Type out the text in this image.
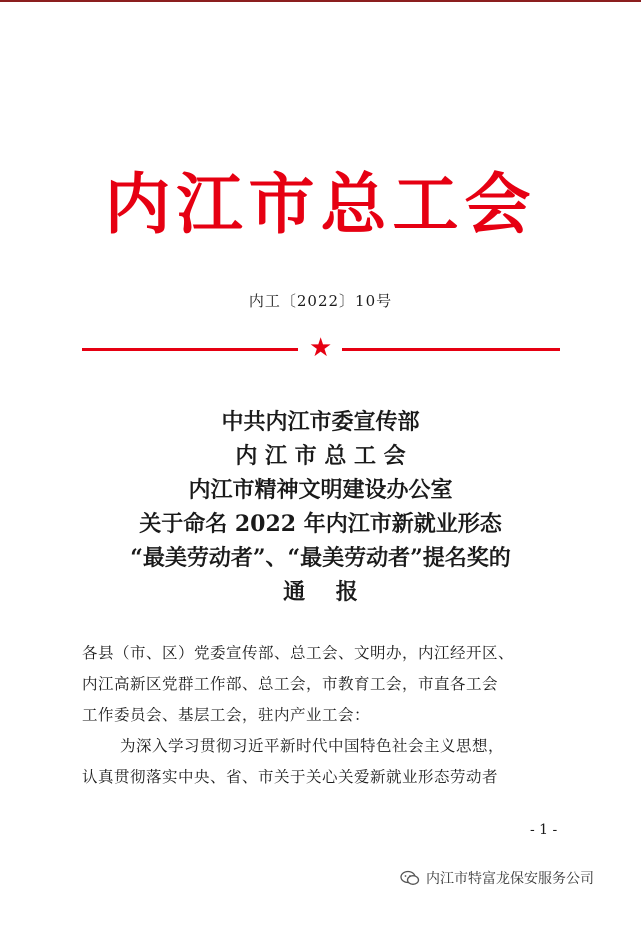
内江市总工会
内工〔2022〕10号
★
中共内江市委宣传部
内 江 市 总 工 会
内江市精神文明建设办公室
关于命名 2022 年内江市新就业形态
“最美劳动者”、“最美劳动者”提名奖的
通    报

各县（市、区）党委宣传部、总工会、文明办，内江经开区、

内江高新区党群工作部、总工会，市教育工会，市直各工会

工作委员会、基层工会，驻内产业工会：

为深入学习贯彻习近平新时代中国特色社会主义思想，

认真贯彻落实中央、省、市关于关心关爱新就业形态劳动者

- 1 -
内江市特富龙保安服务公司
